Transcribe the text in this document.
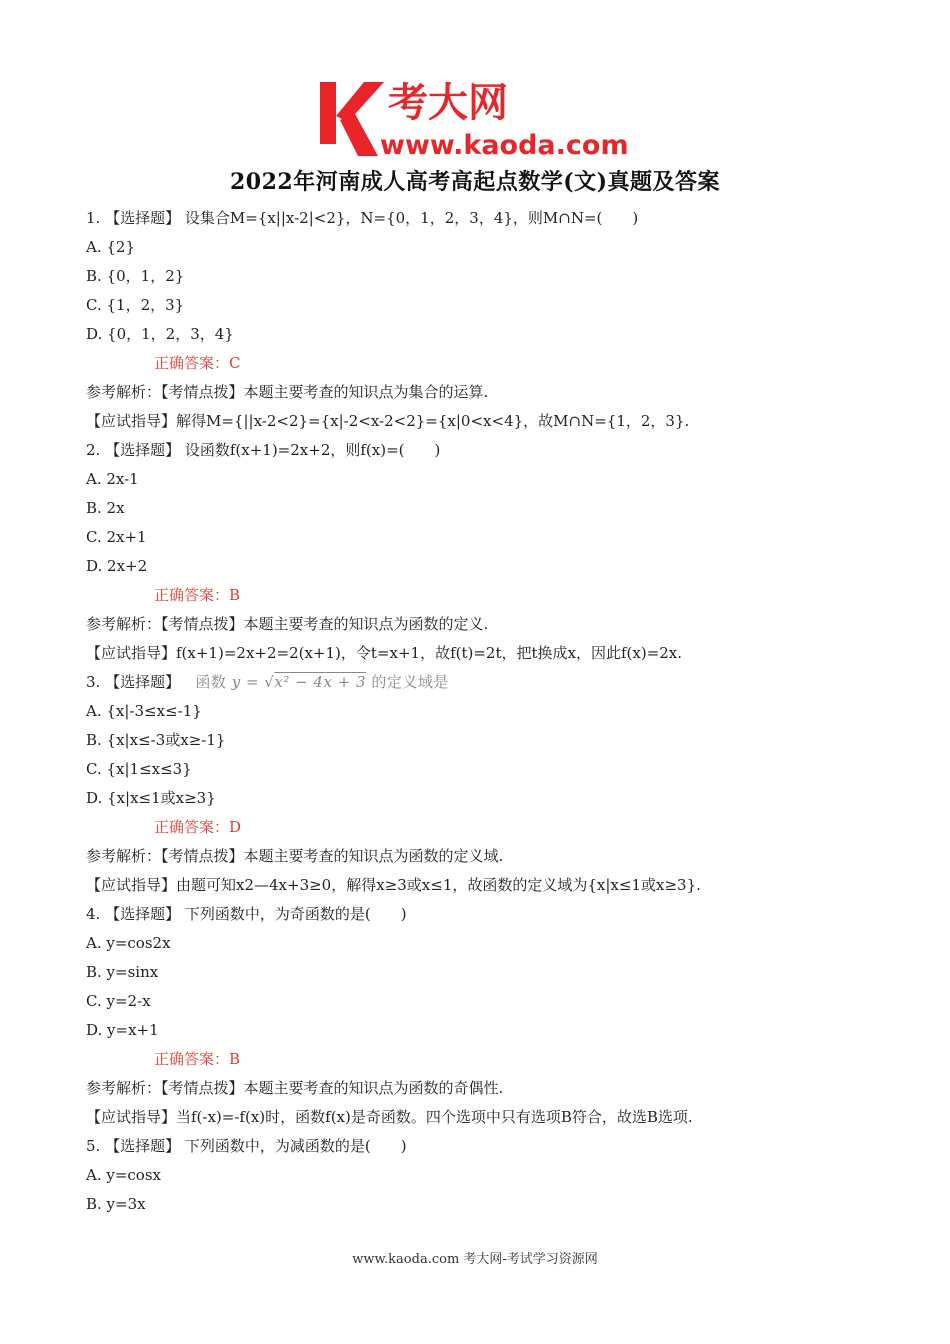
考大网
www.kaoda.com
2022年河南成人高考高起点数学(文)真题及答案
1. 【选择题】 设集合M={x||x-2|<2}，N={0，1，2，3，4}，则M∩N=(　　)
A. {2}
B. {0，1，2}
C. {1，2，3}
D. {0，1，2，3，4}
正确答案：C
参考解析：【考情点拨】本题主要考查的知识点为集合的运算.
【应试指导】解得M={||x-2<2}={x|-2<x-2<2}={x|0<x<4}，故M∩N={1，2，3}.
2. 【选择题】 设函数f(x+1)=2x+2，则f(x)=(　　)
A. 2x-1
B. 2x
C. 2x+1
D. 2x+2
正确答案：B
参考解析：【考情点拨】本题主要考查的知识点为函数的定义.
【应试指导】f(x+1)=2x+2=2(x+1)，令t=x+1，故f(t)=2t，把t换成x，因此f(x)=2x.
3. 【选择题】 函数 y = √x² − 4x + 3 的定义域是
A. {x|-3≤x≤-1}
B. {x|x≤-3或x≥-1}
C. {x|1≤x≤3}
D. {x|x≤1或x≥3}
正确答案：D
参考解析：【考情点拨】本题主要考查的知识点为函数的定义域.
【应试指导】由题可知x2—4x+3≥0，解得x≥3或x≤1，故函数的定义域为{x|x≤1或x≥3}.
4. 【选择题】 下列函数中，为奇函数的是(　　)
A. y=cos2x
B. y=sinx
C. y=2-x
D. y=x+1
正确答案：B
参考解析：【考情点拨】本题主要考查的知识点为函数的奇偶性.
【应试指导】当f(-x)=-f(x)时，函数f(x)是奇函数。四个选项中只有选项B符合，故选B选项.
5. 【选择题】 下列函数中，为减函数的是(　　)
A. y=cosx
B. y=3x
www.kaoda.com 考大网-考试学习资源网
